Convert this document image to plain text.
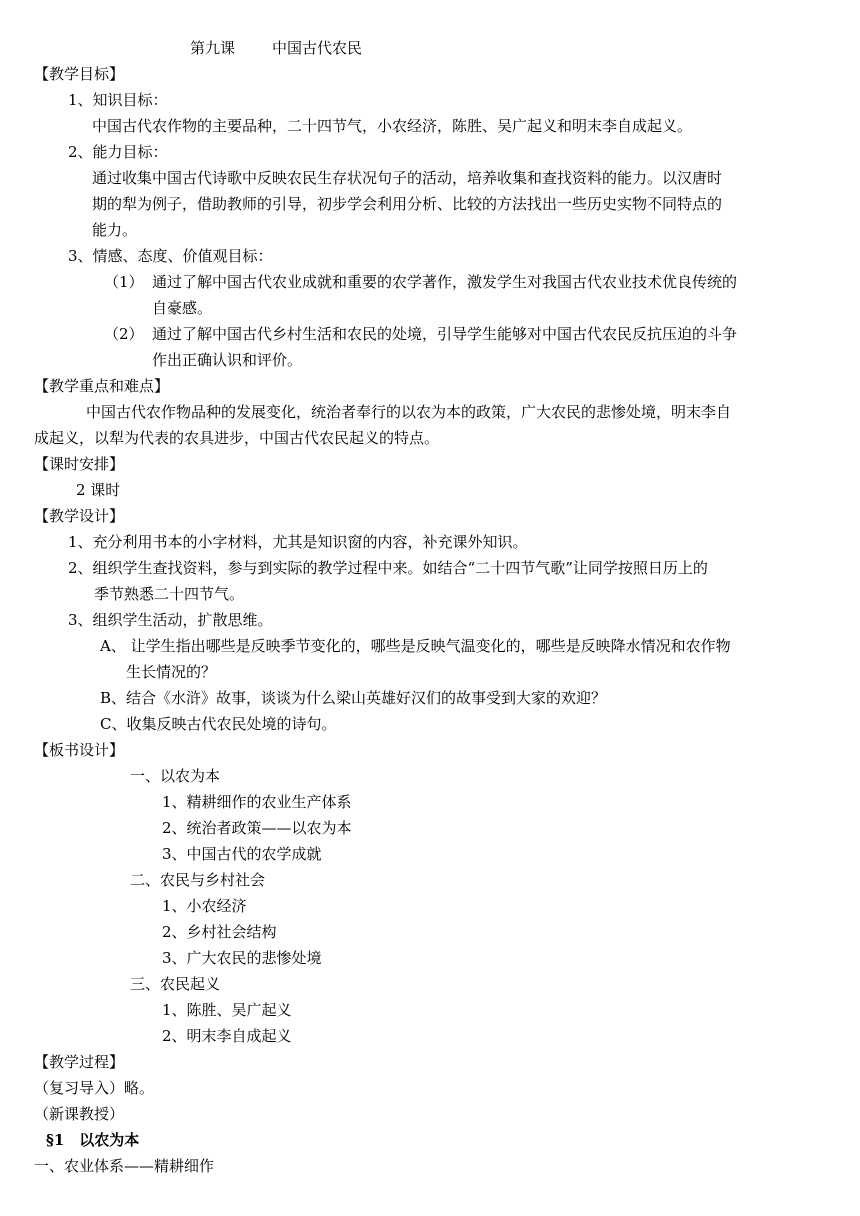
第九课 中国古代农民
【教学目标】
1、知识目标：
中国古代农作物的主要品种，二十四节气，小农经济，陈胜、吴广起义和明末李自成起义。
2、能力目标：
通过收集中国古代诗歌中反映农民生存状况句子的活动，培养收集和查找资料的能力。以汉唐时
期的犁为例子，借助教师的引导，初步学会利用分析、比较的方法找出一些历史实物不同特点的
能力。
3、情感、态度、价值观目标：
（1） 通过了解中国古代农业成就和重要的农学著作，激发学生对我国古代农业技术优良传统的
自豪感。
（2） 通过了解中国古代乡村生活和农民的处境，引导学生能够对中国古代农民反抗压迫的斗争
作出正确认识和评价。
【教学重点和难点】
中国古代农作物品种的发展变化，统治者奉行的以农为本的政策，广大农民的悲惨处境，明末李自
成起义，以犁为代表的农具进步，中国古代农民起义的特点。
【课时安排】
2 课时
【教学设计】
1、充分利用书本的小字材料，尤其是知识窗的内容，补充课外知识。
2、组织学生查找资料，参与到实际的教学过程中来。如结合“二十四节气歌”让同学按照日历上的
季节熟悉二十四节气。
3、组织学生活动，扩散思维。
A、 让学生指出哪些是反映季节变化的，哪些是反映气温变化的，哪些是反映降水情况和农作物
生长情况的？
B、结合《水浒》故事，谈谈为什么梁山英雄好汉们的故事受到大家的欢迎？
C、收集反映古代农民处境的诗句。
【板书设计】
一、以农为本
1、精耕细作的农业生产体系
2、统治者政策——以农为本
3、中国古代的农学成就
二、农民与乡村社会
1、小农经济
2、乡村社会结构
3、广大农民的悲惨处境
三、农民起义
1、陈胜、吴广起义
2、明末李自成起义
【教学过程】
（复习导入）略。
（新课教授）
§1　以农为本
一、农业体系——精耕细作
